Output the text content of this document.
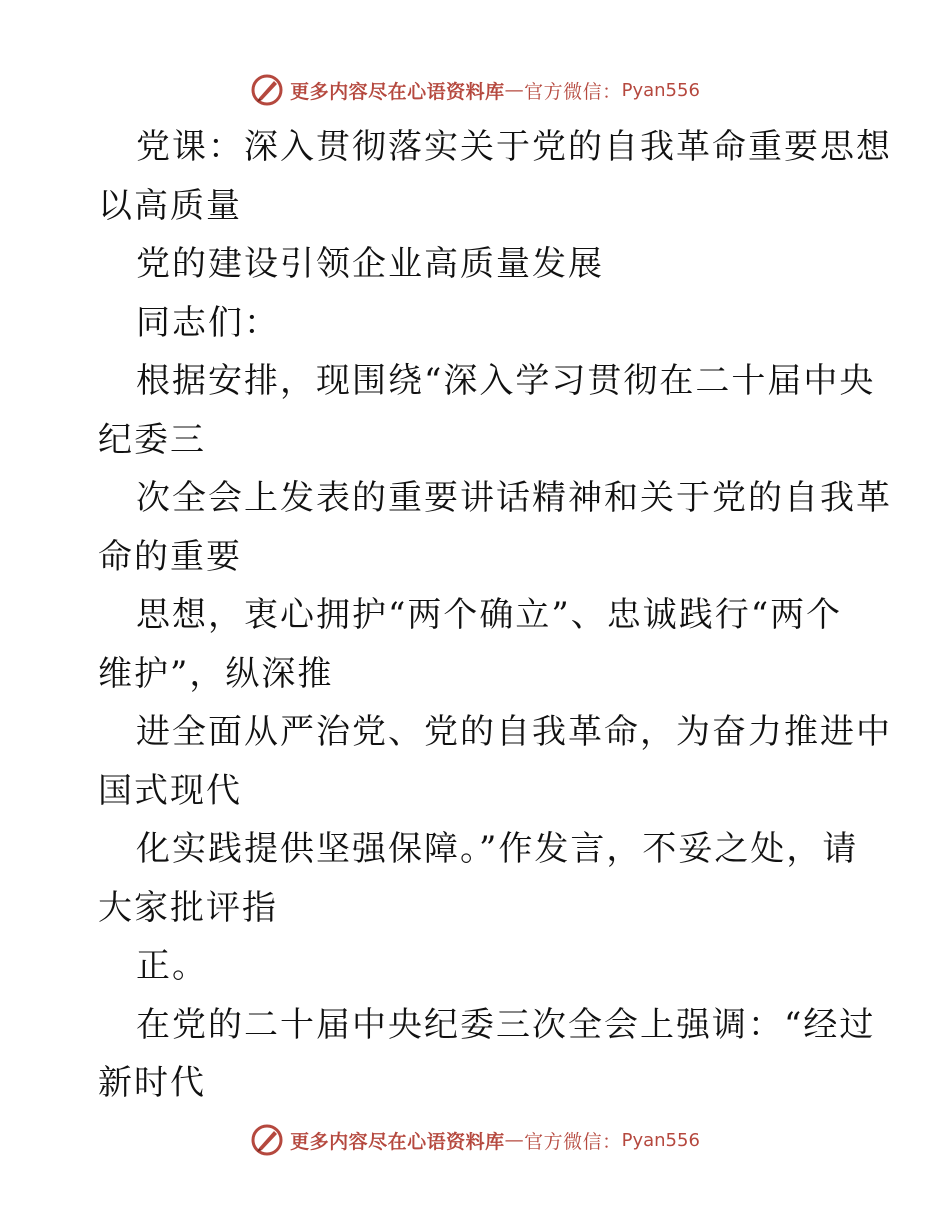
更多内容尽在心语资料库 — 官方微信： Pyan556
党课：深入贯彻落实关于党的自我革命重要思想
以高质量
党的建设引领企业高质量发展
同志们：
根据安排，现围绕“深入学习贯彻在二十届中央
纪委三
次全会上发表的重要讲话精神和关于党的自我革
命的重要
思想，衷心拥护“两个确立”、忠诚践行“两个
维护”，纵深推
进全面从严治党、党的自我革命，为奋力推进中
国式现代
化实践提供坚强保障。”作发言，不妥之处，请
大家批评指
正。
在党的二十届中央纪委三次全会上强调：“经过
新时代
更多内容尽在心语资料库 — 官方微信： Pyan556
